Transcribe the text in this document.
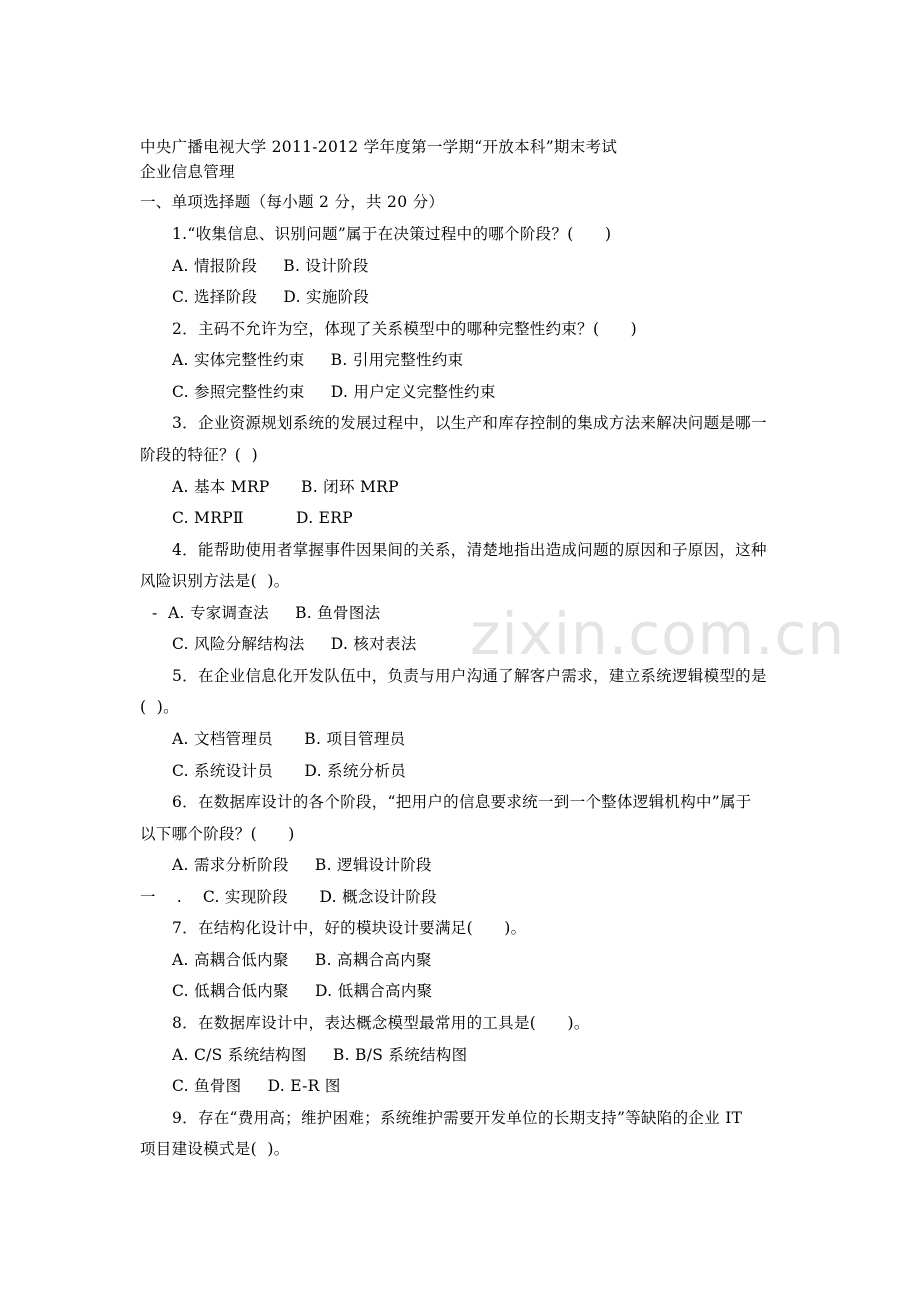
中央广播电视大学 2011-2012 学年度第一学期“开放本科”期末考试
企业信息管理
一、单项选择题（每小题 2 分，共 20 分）
1.“收集信息、识别问题”属于在决策过程中的哪个阶段？(      )
A. 情报阶段     B. 设计阶段
C. 选择阶段     D. 实施阶段
2．主码不允许为空，体现了关系模型中的哪种完整性约束？(      )
A. 实体完整性约束     B. 引用完整性约束
C. 参照完整性约束     D. 用户定义完整性约束
3．企业资源规划系统的发展过程中，以生产和库存控制的集成方法来解决问题是哪一
阶段的特征？(  )
A. 基本 MRP      B. 闭环 MRP
C. MRPⅡ          D. ERP
4．能帮助使用者掌握事件因果间的关系，清楚地指出造成问题的原因和子原因，这种
风险识别方法是(  )。
-  A. 专家调查法     B. 鱼骨图法
C. 风险分解结构法     D. 核对表法
5．在企业信息化开发队伍中，负责与用户沟通了解客户需求，建立系统逻辑模型的是
(  )。
A. 文档管理员      B. 项目管理员
C. 系统设计员      D. 系统分析员
6．在数据库设计的各个阶段，“把用户的信息要求统一到一个整体逻辑机构中”属于
以下哪个阶段？(      )
A. 需求分析阶段     B. 逻辑设计阶段
一    .    C. 实现阶段      D. 概念设计阶段
7．在结构化设计中，好的模块设计要满足(      )。
A. 高耦合低内聚     B. 高耦合高内聚
C. 低耦合低内聚     D. 低耦合高内聚
8．在数据库设计中，表达概念模型最常用的工具是(      )。
A. C/S 系统结构图     B. B/S 系统结构图
C. 鱼骨图     D. E-R 图
9．存在“费用高；维护困难；系统维护需要开发单位的长期支持”等缺陷的企业 IT
项目建设模式是(  )。
zixin.com.cn
